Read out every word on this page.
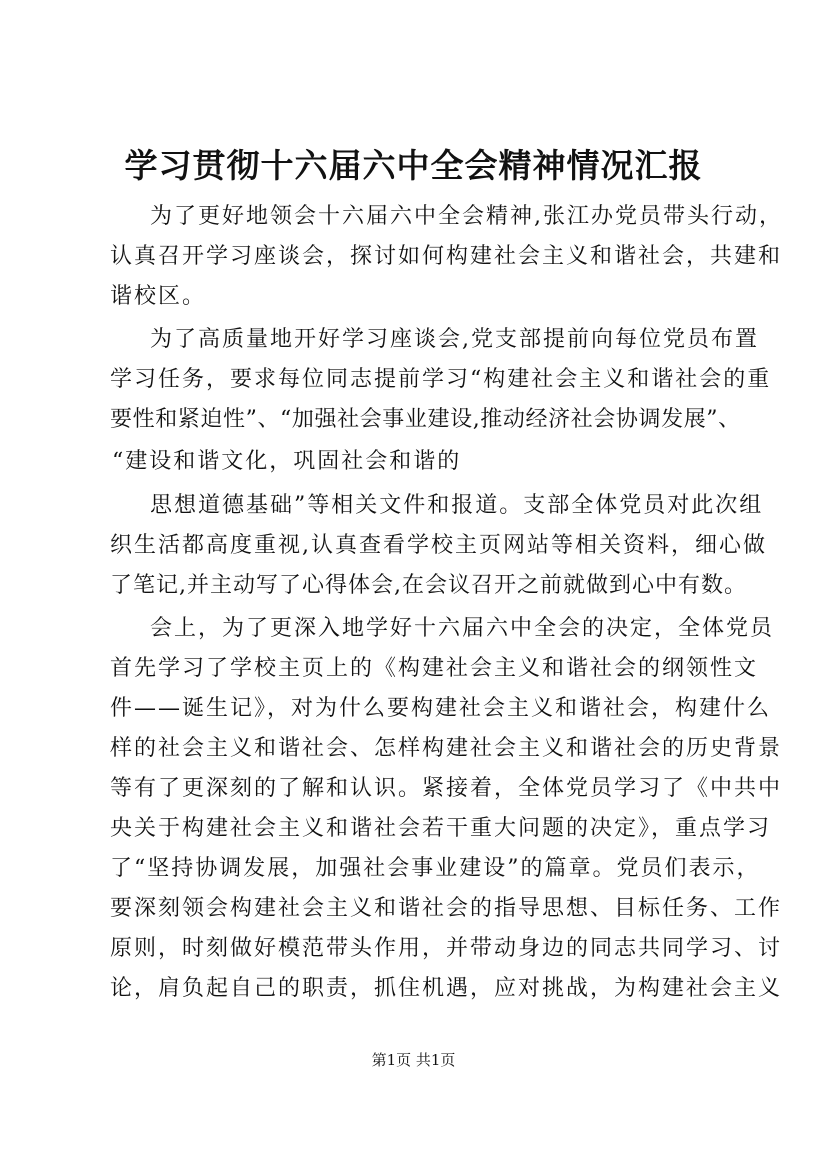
学习贯彻十六届六中全会精神情况汇报
为了更好地领会十六届六中全会精神,张江办党员带头行动，
认真召开学习座谈会，探讨如何构建社会主义和谐社会，共建和
谐校区。
为了高质量地开好学习座谈会,党支部提前向每位党员布置
学习任务，要求每位同志提前学习“构建社会主义和谐社会的重
要性和紧迫性”、“加强社会事业建设,推动经济社会协调发展”、
“建设和谐文化，巩固社会和谐的
思想道德基础”等相关文件和报道。支部全体党员对此次组
织生活都高度重视,认真查看学校主页网站等相关资料，细心做
了笔记,并主动写了心得体会,在会议召开之前就做到心中有数。
会上，为了更深入地学好十六届六中全会的决定，全体党员
首先学习了学校主页上的《构建社会主义和谐社会的纲领性文
件——诞生记》，对为什么要构建社会主义和谐社会，构建什么
样的社会主义和谐社会、怎样构建社会主义和谐社会的历史背景
等有了更深刻的了解和认识。紧接着，全体党员学习了《中共中
央关于构建社会主义和谐社会若干重大问题的决定》，重点学习
了“坚持协调发展，加强社会事业建设”的篇章。党员们表示，
要深刻领会构建社会主义和谐社会的指导思想、目标任务、工作
原则，时刻做好模范带头作用，并带动身边的同志共同学习、讨
论，肩负起自己的职责，抓住机遇，应对挑战，为构建社会主义
第1页 共1页
